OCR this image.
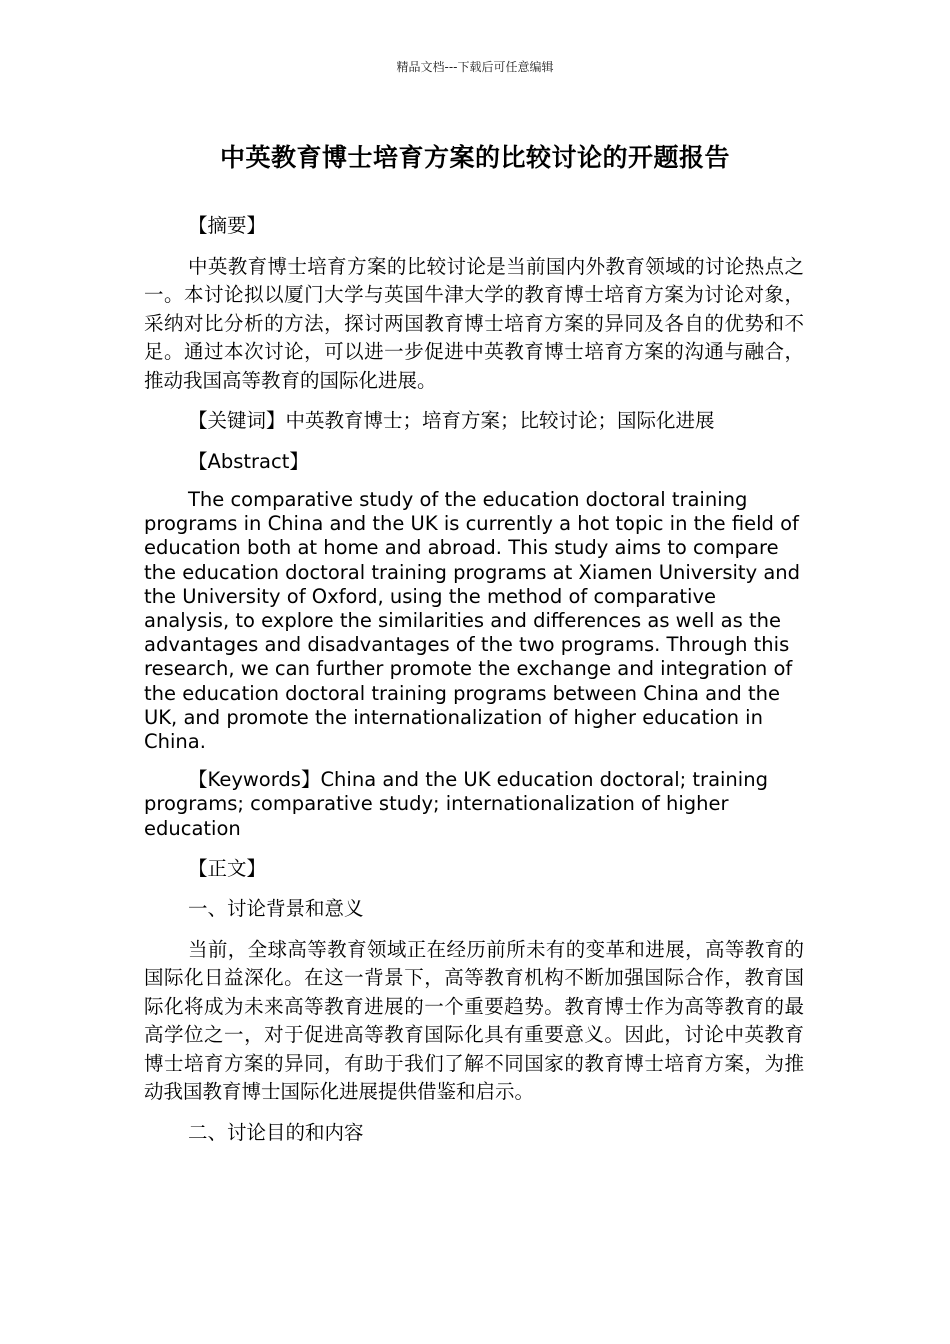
精品文档---下载后可任意编辑
中英教育博士培育方案的比较讨论的开题报告

【摘要】

中英教育博士培育方案的比较讨论是当前国内外教育领域的讨论热点之一。本讨论拟以厦门大学与英国牛津大学的教育博士培育方案为讨论对象，采纳对比分析的方法，探讨两国教育博士培育方案的异同及各自的优势和不足。通过本次讨论，可以进一步促进中英教育博士培育方案的沟通与融合，推动我国高等教育的国际化进展。

【关键词】中英教育博士；培育方案；比较讨论；国际化进展

【Abstract】

The comparative study of the education doctoral training programs in China and the UK is currently a hot topic in the field of education both at home and abroad. This study aims to compare the education doctoral training programs at Xiamen University and the University of Oxford, using the method of comparative analysis, to explore the similarities and differences as well as the advantages and disadvantages of the two programs. Through this research, we can further promote the exchange and integration of the education doctoral training programs between China and the UK, and promote the internationalization of higher education in China.

【Keywords】China and the UK education doctoral; training programs; comparative study; internationalization of higher education

【正文】

一、讨论背景和意义

当前，全球高等教育领域正在经历前所未有的变革和进展，高等教育的国际化日益深化。在这一背景下，高等教育机构不断加强国际合作，教育国际化将成为未来高等教育进展的一个重要趋势。教育博士作为高等教育的最高学位之一，对于促进高等教育国际化具有重要意义。因此，讨论中英教育博士培育方案的异同，有助于我们了解不同国家的教育博士培育方案，为推动我国教育博士国际化进展提供借鉴和启示。

二、讨论目的和内容
